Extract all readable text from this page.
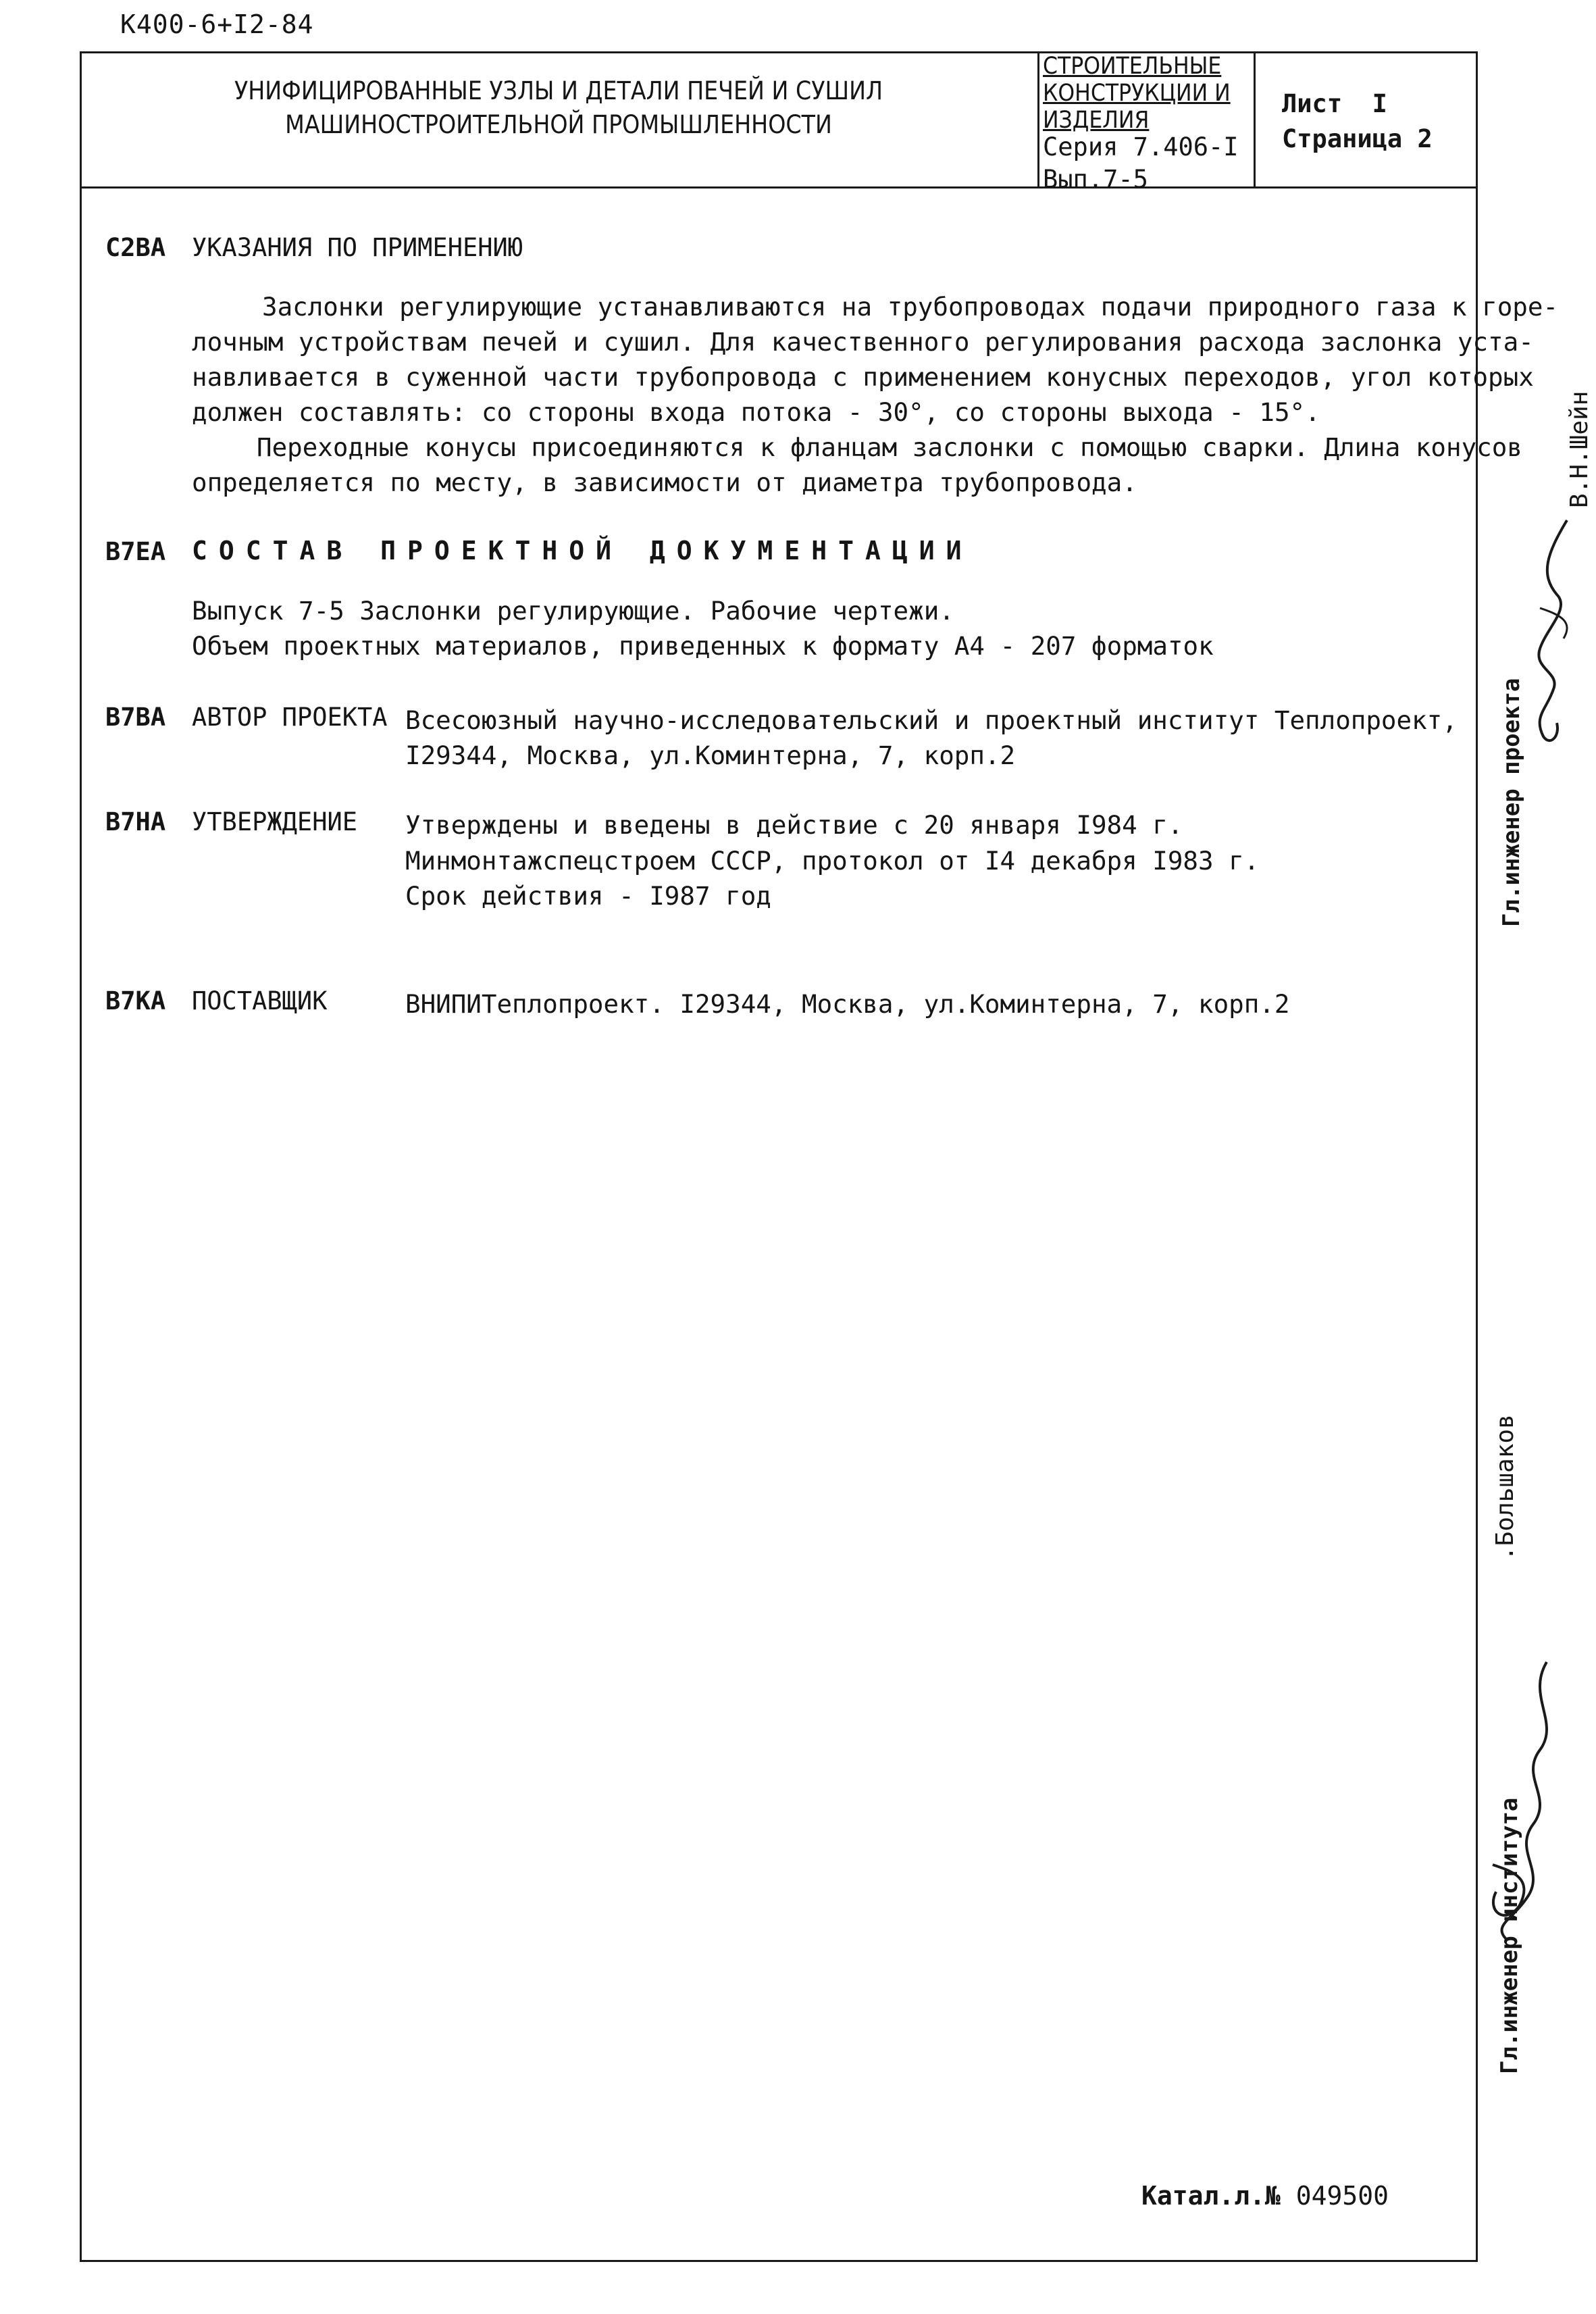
К400-6+I2-84
УНИФИЦИРОВАННЫЕ УЗЛЫ И ДЕТАЛИ ПЕЧЕЙ И СУШИЛ
МАШИНОСТРОИТЕЛЬНОЙ ПРОМЫШЛЕННОСТИ
СТРОИТЕЛЬНЫЕ
КОНСТРУКЦИИ И
ИЗДЕЛИЯ
Серия 7.406-I
Вып.7-5
Лист  I
Страница 2
С2ВА УКАЗАНИЯ ПО ПРИМЕНЕНИЮ
Заслонки регулирующие устанавливаются на трубопроводах подачи природного газа к горе-
лочным устройствам печей и сушил. Для качественного регулирования расхода заслонка уста-
навливается в суженной части трубопровода с применением конусных переходов, угол которых
должен составлять: со стороны входа потока - 30°, со стороны выхода - 15°.
Переходные конусы присоединяются к фланцам заслонки с помощью сварки. Длина конусов
определяется по месту, в зависимости от диаметра трубопровода.
В7ЕА СОСТАВ ПРОЕКТНОЙ ДОКУМЕНТАЦИИ
Выпуск 7-5 Заслонки регулирующие. Рабочие чертежи.
Объем проектных материалов, приведенных к формату А4 - 207 форматок
В7ВА АВТОР ПРОЕКТА Всесоюзный научно-исследовательский и проектный институт Теплопроект,
I29344, Москва, ул.Коминтерна, 7, корп.2
В7НА УТВЕРЖДЕНИЕ Утверждены и введены в действие с 20 января I984 г.
Минмонтажспецстроем СССР, протокол от I4 декабря I983 г.
Срок действия - I987 год
В7КА ПОСТАВЩИК	ВНИПИТеплопроект. I29344, Москва, ул.Коминтерна, 7, корп.2
Гл.инженер проекта
В.Н.Шейн
Гл.инженер института
.Большаков
Катал.л.№ 049500
